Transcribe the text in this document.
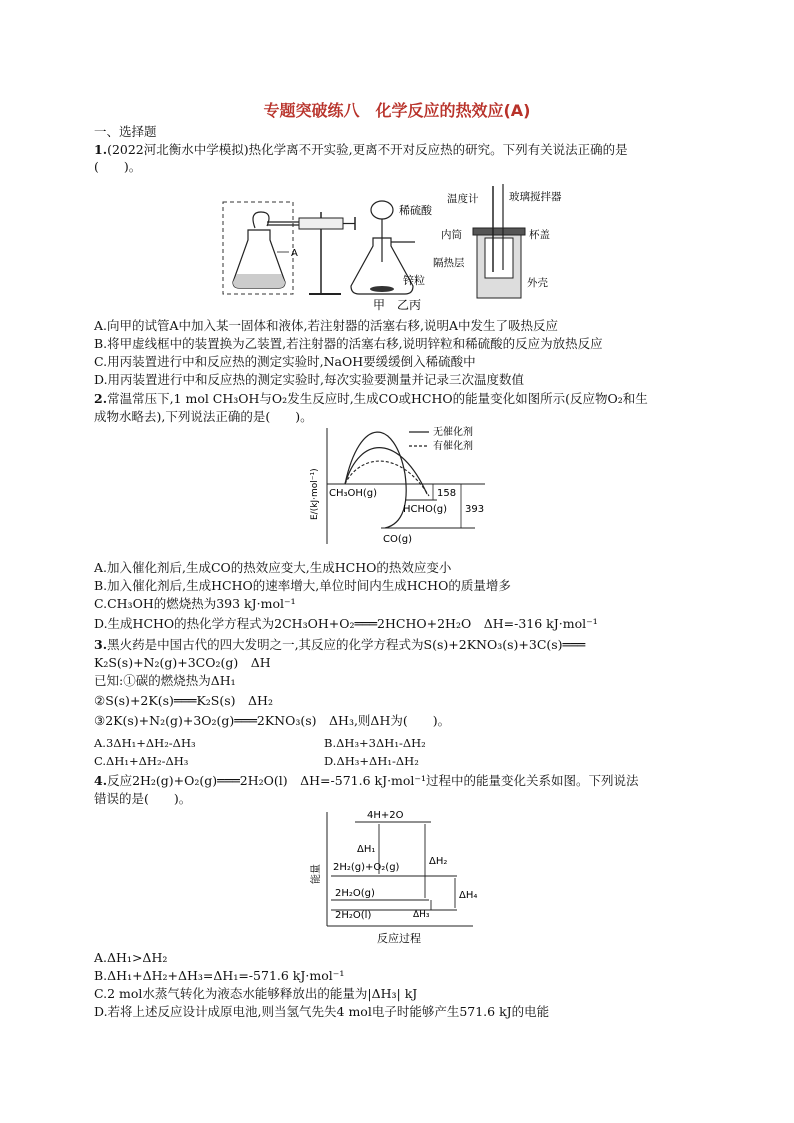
专题突破练八　化学反应的热效应(A)
一、选择题
1.(2022河北衡水中学模拟)热化学离不开实验,更离不开对反应热的研究。下列有关说法正确的是
(　　)。
A
稀硫酸
锌粒
温度计	玻璃搅拌器
内筒	杯盖
隔热层
外壳
甲　乙丙
A.向甲的试管A中加入某一固体和液体,若注射器的活塞右移,说明A中发生了吸热反应
B.将甲虚线框中的装置换为乙装置,若注射器的活塞右移,说明锌粒和稀硫酸的反应为放热反应
C.用丙装置进行中和反应热的测定实验时,NaOH要缓缓倒入稀硫酸中
D.用丙装置进行中和反应热的测定实验时,每次实验要测量并记录三次温度数值
2.常温常压下,1 mol CH₃OH与O₂发生反应时,生成CO或HCHO的能量变化如图所示(反应物O₂和生
成物水略去),下列说法正确的是(　　)。
E/(kJ·mol⁻¹)
无催化剂
有催化剂
CH₃OH(g)
HCHO(g)
CO(g)
158
393
A.加入催化剂后,生成CO的热效应变大,生成HCHO的热效应变小
B.加入催化剂后,生成HCHO的速率增大,单位时间内生成HCHO的质量增多
C.CH₃OH的燃烧热为393 kJ·mol⁻¹
D.生成HCHO的热化学方程式为2CH₃OH+O₂═══2HCHO+2H₂O　ΔH=-316 kJ·mol⁻¹
3.黑火药是中国古代的四大发明之一,其反应的化学方程式为S(s)+2KNO₃(s)+3C(s)═══
K₂S(s)+N₂(g)+3CO₂(g)　ΔH
已知:①碳的燃烧热为ΔH₁
②S(s)+2K(s)═══K₂S(s)　ΔH₂
③2K(s)+N₂(g)+3O₂(g)═══2KNO₃(s)　ΔH₃,则ΔH为(　　)。
A.3ΔH₁+ΔH₂-ΔH₃	B.ΔH₃+3ΔH₁-ΔH₂
C.ΔH₁+ΔH₂-ΔH₃	D.ΔH₃+ΔH₁-ΔH₂
4.反应2H₂(g)+O₂(g)═══2H₂O(l)　ΔH=-571.6 kJ·mol⁻¹过程中的能量变化关系如图。下列说法
错误的是(　　)。
能量
反应过程
4H+2O
2H₂(g)+O₂(g)
2H₂O(g)
2H₂O(l)
ΔH₁
ΔH₂
ΔH₃
ΔH₄
A.ΔH₁>ΔH₂
B.ΔH₁+ΔH₂+ΔH₃=ΔH₁=-571.6 kJ·mol⁻¹
C.2 mol水蒸气转化为液态水能够释放出的能量为|ΔH₃| kJ
D.若将上述反应设计成原电池,则当氢气先失4 mol电子时能够产生571.6 kJ的电能
